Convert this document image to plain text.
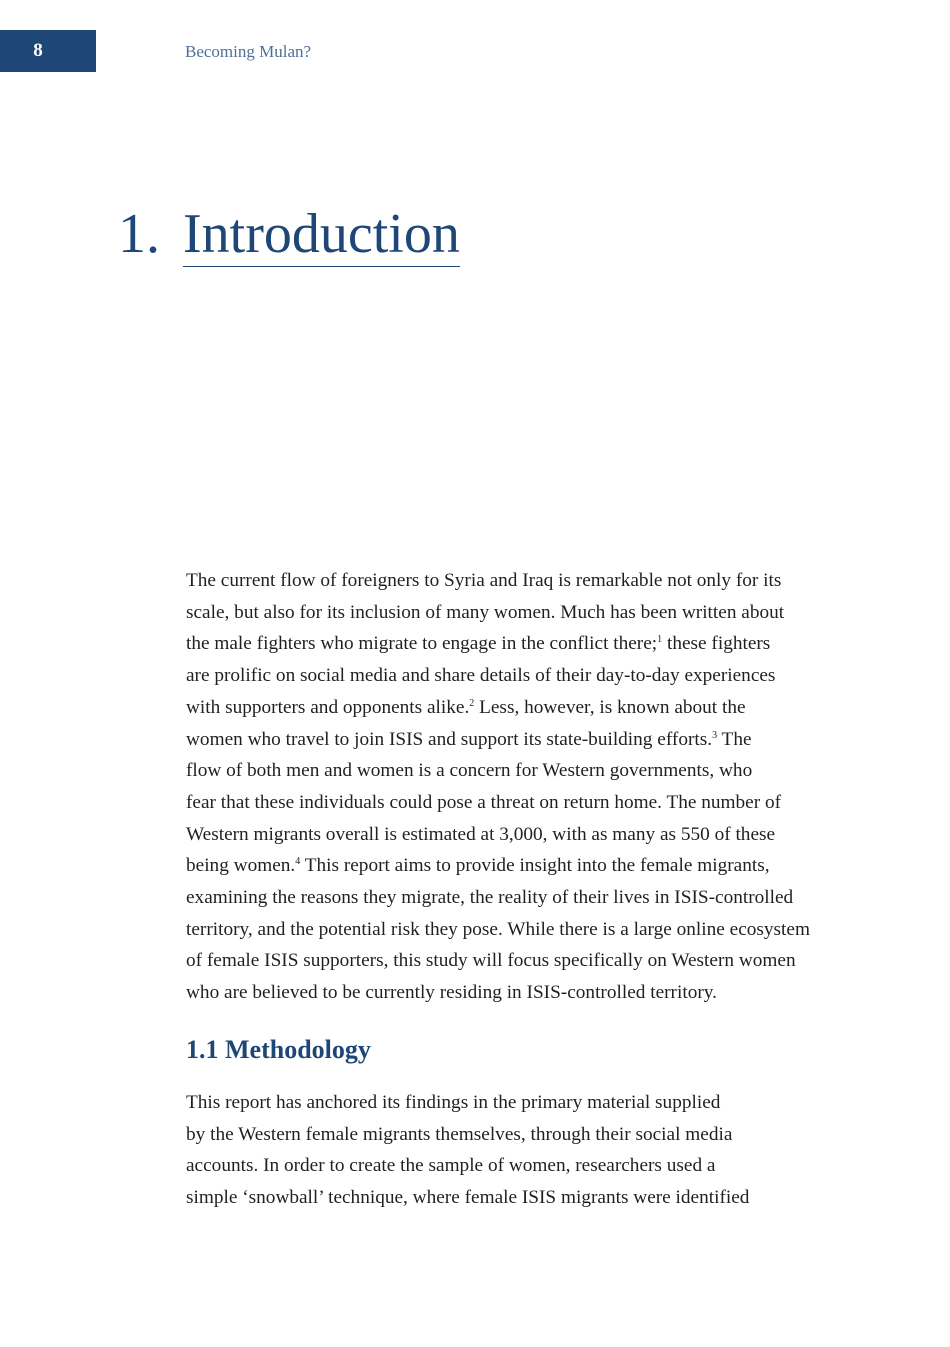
8	Becoming Mulan?
1. Introduction

The current flow of foreigners to Syria and Iraq is remarkable not only for its
scale, but also for its inclusion of many women. Much has been written about
the male fighters who migrate to engage in the conflict there;$^1$ these fighters
are prolific on social media and share details of their day-to-day experiences
with supporters and opponents alike.$^2$ Less, however, is known about the
women who travel to join ISIS and support its state-building efforts.$^3$ The
flow of both men and women is a concern for Western governments, who
fear that these individuals could pose a threat on return home. The number of
Western migrants overall is estimated at 3,000, with as many as 550 of these
being women.$^4$ This report aims to provide insight into the female migrants,
examining the reasons they migrate, the reality of their lives in ISIS-controlled
territory, and the potential risk they pose. While there is a large online ecosystem
of female ISIS supporters, this study will focus specifically on Western women
who are believed to be currently residing in ISIS-controlled territory.

1.1 Methodology

This report has anchored its findings in the primary material supplied
by the Western female migrants themselves, through their social media
accounts. In order to create the sample of women, researchers used a
simple ‘snowball’ technique, where female ISIS migrants were identified
